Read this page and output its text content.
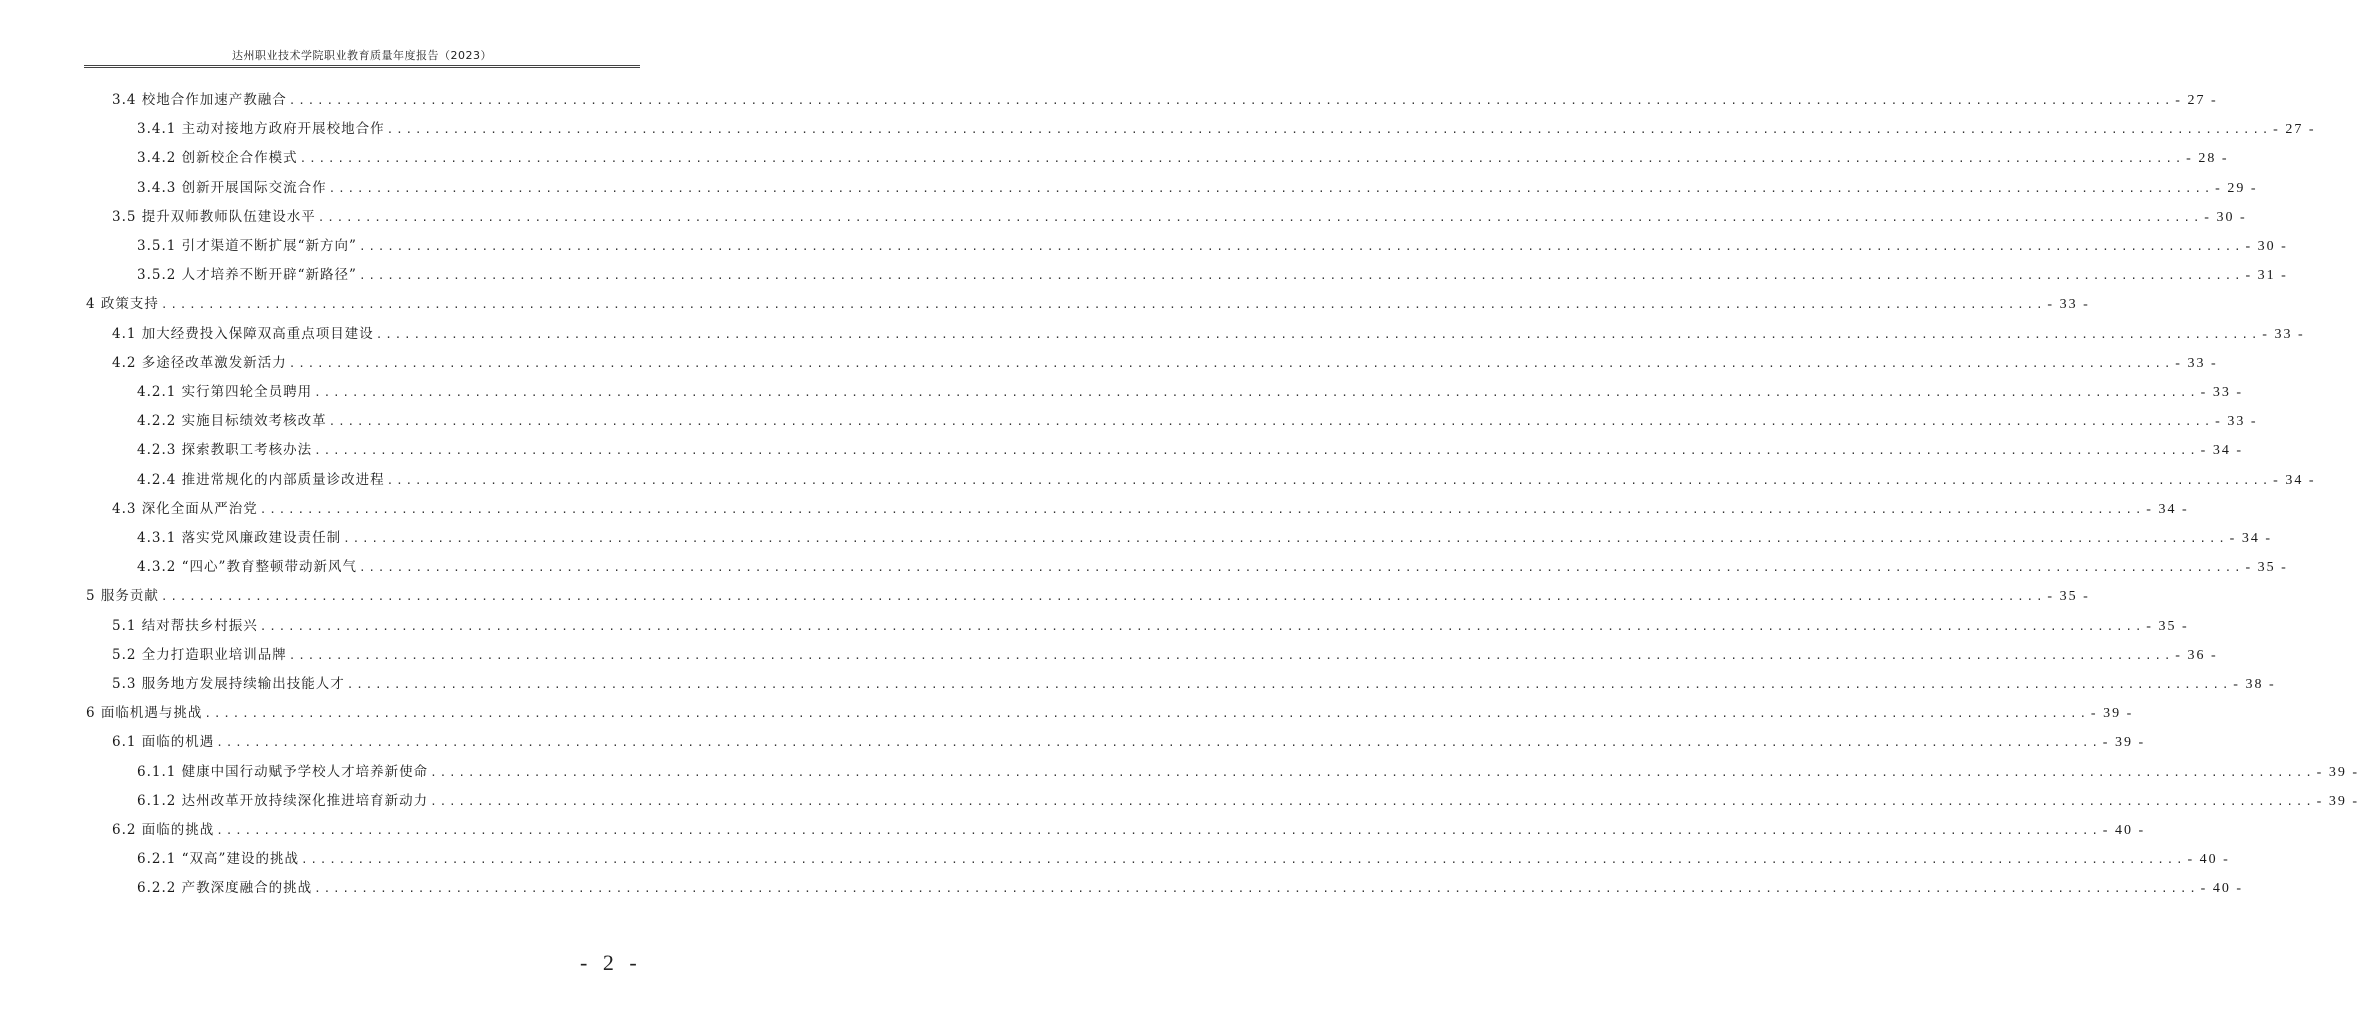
达州职业技术学院职业教育质量年度报告（2023）
3.4 校地合作加速产教融合 ........................................................................................................................................................................................................ - 27 -
3.4.1 主动对接地方政府开展校地合作 ........................................................................................................................................................................................................ - 27 -
3.4.2 创新校企合作模式 ........................................................................................................................................................................................................ - 28 -
3.4.3 创新开展国际交流合作 ........................................................................................................................................................................................................ - 29 -
3.5 提升双师教师队伍建设水平 ........................................................................................................................................................................................................ - 30 -
3.5.1 引才渠道不断扩展“新方向” ........................................................................................................................................................................................................ - 30 -
3.5.2 人才培养不断开辟“新路径” ........................................................................................................................................................................................................ - 31 -
4 政策支持 ........................................................................................................................................................................................................ - 33 -
4.1 加大经费投入保障双高重点项目建设 ........................................................................................................................................................................................................ - 33 -
4.2 多途径改革激发新活力 ........................................................................................................................................................................................................ - 33 -
4.2.1 实行第四轮全员聘用 ........................................................................................................................................................................................................ - 33 -
4.2.2 实施目标绩效考核改革 ........................................................................................................................................................................................................ - 33 -
4.2.3 探索教职工考核办法 ........................................................................................................................................................................................................ - 34 -
4.2.4 推进常规化的内部质量诊改进程 ........................................................................................................................................................................................................ - 34 -
4.3 深化全面从严治党 ........................................................................................................................................................................................................ - 34 -
4.3.1 落实党风廉政建设责任制 ........................................................................................................................................................................................................ - 34 -
4.3.2 “四心”教育整顿带动新风气 ........................................................................................................................................................................................................ - 35 -
5 服务贡献 ........................................................................................................................................................................................................ - 35 -
5.1 结对帮扶乡村振兴 ........................................................................................................................................................................................................ - 35 -
5.2 全力打造职业培训品牌 ........................................................................................................................................................................................................ - 36 -
5.3 服务地方发展持续输出技能人才 ........................................................................................................................................................................................................ - 38 -
6 面临机遇与挑战 ........................................................................................................................................................................................................ - 39 -
6.1 面临的机遇 ........................................................................................................................................................................................................ - 39 -
6.1.1 健康中国行动赋予学校人才培养新使命 ........................................................................................................................................................................................................ - 39 -
6.1.2 达州改革开放持续深化推进培育新动力 ........................................................................................................................................................................................................ - 39 -
6.2 面临的挑战 ........................................................................................................................................................................................................ - 40 -
6.2.1 “双高”建设的挑战 ........................................................................................................................................................................................................ - 40 -
6.2.2 产教深度融合的挑战 ........................................................................................................................................................................................................ - 40 -
- 2 -
